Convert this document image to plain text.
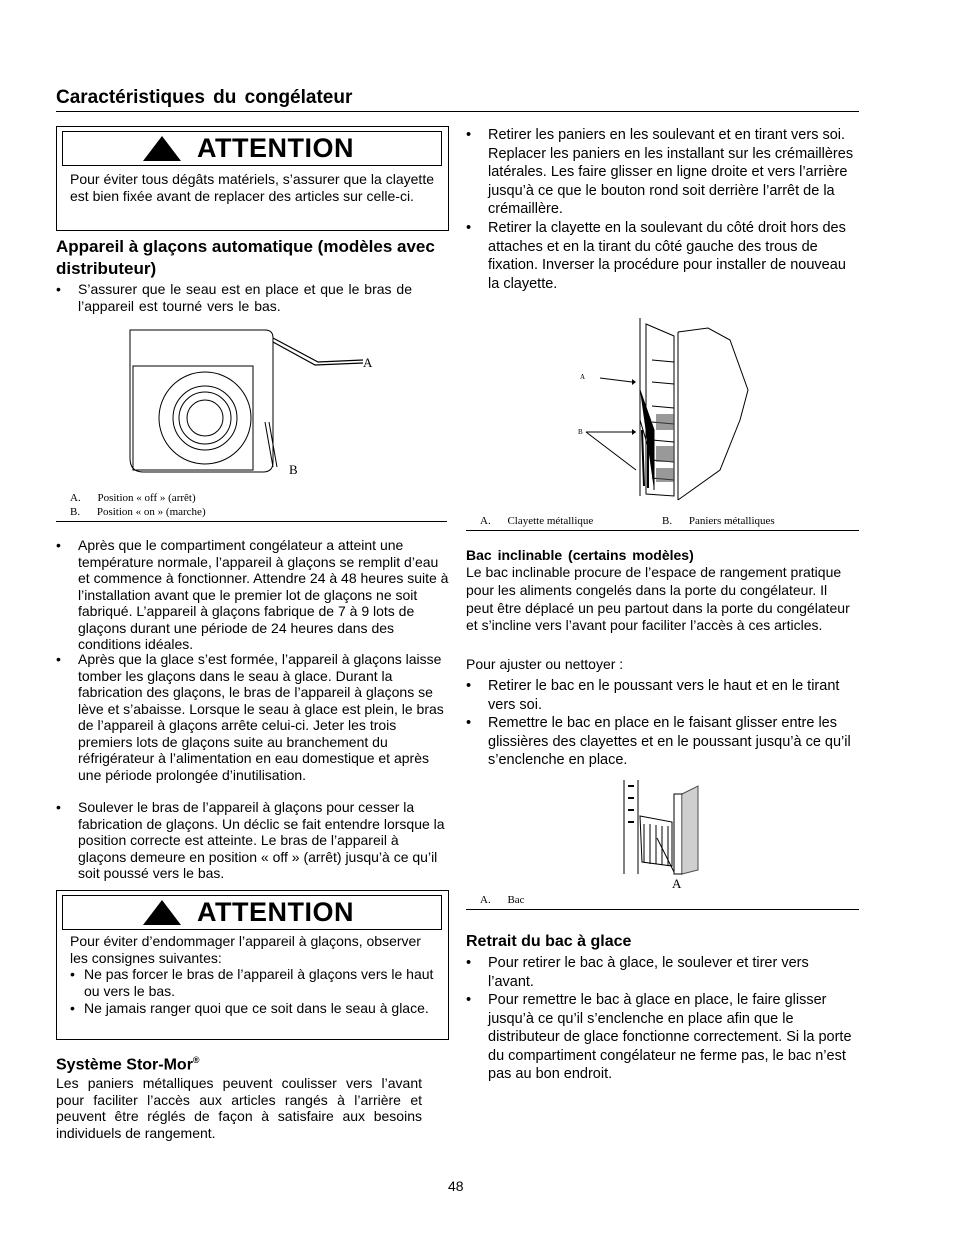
Caractéristiques du congélateur
ATTENTION
Pour éviter tous dégâts matériels, s’assurer que la clayette est bien fixée avant de replacer des articles sur celle-ci.
Appareil à glaçons automatique (modèles avec distributeur)
• S’assurer que le seau est en place et que le bras de l’appareil est tourné vers le bas.
A
B
A. Position « off » (arrêt)
B. Position « on » (marche)
• Après que le compartiment congélateur a atteint une température normale, l’appareil à glaçons se remplit d’eau et commence à fonctionner. Attendre 24 à 48 heures suite à l’installation avant que le premier lot de glaçons ne soit fabriqué. L’appareil à glaçons fabrique de 7 à 9 lots de glaçons durant une période de 24 heures dans des conditions idéales.
• Après que la glace s’est formée, l’appareil à glaçons laisse tomber les glaçons dans le seau à glace. Durant la fabrication des glaçons, le bras de l’appareil à glaçons se lève et s’abaisse. Lorsque le seau à glace est plein, le bras de l’appareil à glaçons arrête celui-ci. Jeter les trois premiers lots de glaçons suite au branchement du réfrigérateur à l’alimentation en eau domestique et après une période prolongée d’inutilisation.
• Soulever le bras de l’appareil à glaçons pour cesser la fabrication de glaçons. Un déclic se fait entendre lorsque la position correcte est atteinte. Le bras de l’appareil à glaçons demeure en position « off » (arrêt) jusqu’à ce qu’il soit poussé vers le bas.
ATTENTION
Pour éviter d’endommager l’appareil à glaçons, observer les consignes suivantes:
• Ne pas forcer le bras de l’appareil à glaçons vers le haut ou vers le bas.
• Ne jamais ranger quoi que ce soit dans le seau à glace.
Système Stor-Mor®
Les paniers métalliques peuvent coulisser vers l’avant pour faciliter l’accès aux articles rangés à l’arrière et peuvent être réglés de façon à satisfaire aux besoins individuels de rangement.
• Retirer les paniers en les soulevant et en tirant vers soi. Replacer les paniers en les installant sur les crémaillères latérales. Les faire glisser en ligne droite et vers l’arrière jusqu’à ce que le bouton rond soit derrière l’arrêt de la crémaillère.
• Retirer la clayette en la soulevant du côté droit hors des attaches et en la tirant du côté gauche des trous de fixation. Inverser la procédure pour installer de nouveau la clayette.
A
B
A. Clayette métallique	B. Paniers métalliques
Bac inclinable (certains modèles)
Le bac inclinable procure de l’espace de rangement pratique pour les aliments congelés dans la porte du congélateur. Il peut être déplacé un peu partout dans la porte du congélateur et s’incline vers l’avant pour faciliter l’accès à ces articles.
Pour ajuster ou nettoyer :
• Retirer le bac en le poussant vers le haut et en le tirant vers soi.
• Remettre le bac en place en le faisant glisser entre les glissières des clayettes et en le poussant jusqu’à ce qu’il s’enclenche en place.
A
A. Bac
Retrait du bac à glace
• Pour retirer le bac à glace, le soulever et tirer vers l’avant.
• Pour remettre le bac à glace en place, le faire glisser jusqu’à ce qu’il s’enclenche en place afin que le distributeur de glace fonctionne correctement. Si la porte du compartiment congélateur ne ferme pas, le bac n’est pas au bon endroit.
48
